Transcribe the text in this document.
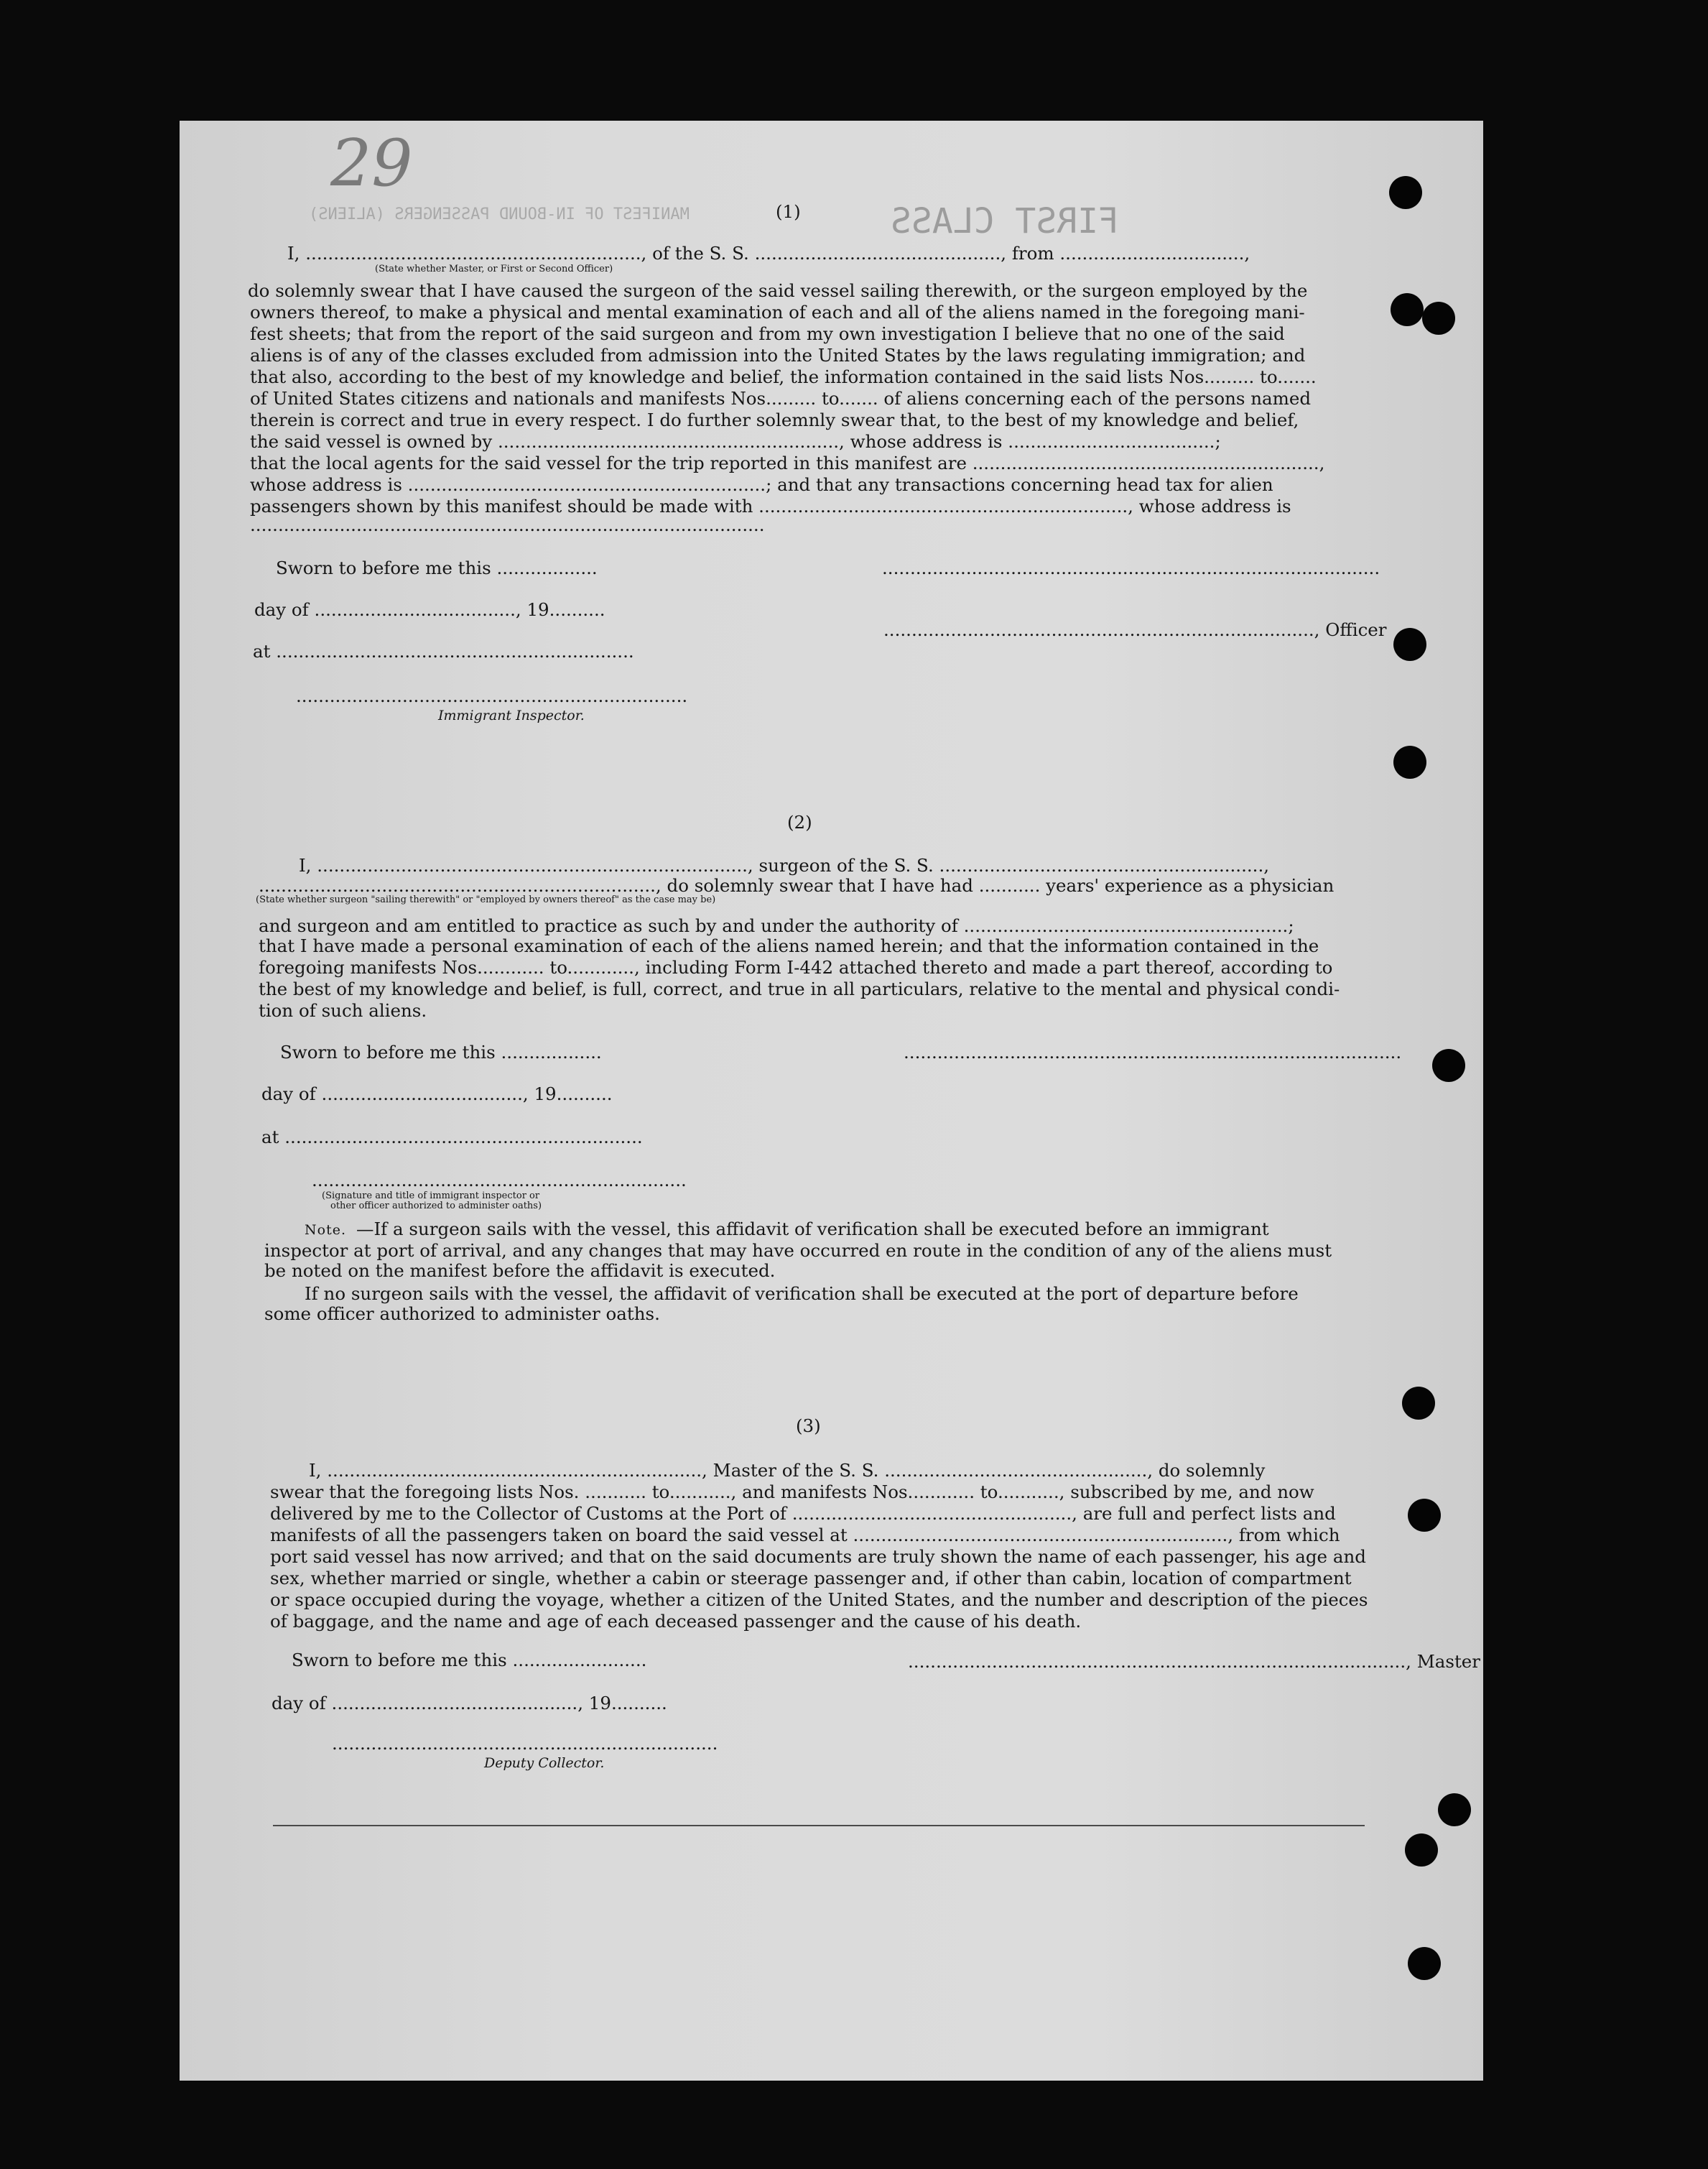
29
MANIFEST OF IN-BOUND PASSENGERS (ALIENS)	FIRST CLASS
(1)
I, ............................................................, of the S. S. ............................................, from .................................,
(State whether Master, or First or Second Officer)
do solemnly swear that I have caused the surgeon of the said vessel sailing therewith, or the surgeon employed by the
owners thereof, to make a physical and mental examination of each and all of the aliens named in the foregoing mani-
fest sheets; that from the report of the said surgeon and from my own investigation I believe that no one of the said
aliens is of any of the classes excluded from admission into the United States by the laws regulating immigration; and
that also, according to the best of my knowledge and belief, the information contained in the said lists Nos......... to.......
of United States citizens and nationals and manifests Nos......... to....... of aliens concerning each of the persons named
therein is correct and true in every respect. I do further solemnly swear that, to the best of my knowledge and belief,
the said vessel is owned by ............................................................., whose address is .....................................;
that the local agents for the said vessel for the trip reported in this manifest are ..............................................................,
whose address is ................................................................; and that any transactions concerning head tax for alien
passengers shown by this manifest should be made with .................................................................., whose address is
............................................................................................
Sworn to before me this ..................	.........................................................................................
day of ...................................., 19..........
............................................................................., Officer
at ................................................................
......................................................................
Immigrant Inspector.
(2)
I, ............................................................................., surgeon of the S. S. ..........................................................,
......................................................................., do solemnly swear that I have had ........... years' experience as a physician
(State whether surgeon "sailing therewith" or "employed by owners thereof" as the case may be)
and surgeon and am entitled to practice as such by and under the authority of ..........................................................;
that I have made a personal examination of each of the aliens named herein; and that the information contained in the
foregoing manifests Nos............ to............, including Form I-442 attached thereto and made a part thereof, according to
the best of my knowledge and belief, is full, correct, and true in all particulars, relative to the mental and physical condi-
tion of such aliens.
Sworn to before me this ..................	.........................................................................................
day of ...................................., 19..........
at ................................................................
...................................................................
(Signature and title of immigrant inspector or
other officer authorized to administer oaths)
Note. —If a surgeon sails with the vessel, this affidavit of verification shall be executed before an immigrant
inspector at port of arrival, and any changes that may have occurred en route in the condition of any of the aliens must
be noted on the manifest before the affidavit is executed.
If no surgeon sails with the vessel, the affidavit of verification shall be executed at the port of departure before
some officer authorized to administer oaths.
(3)
I, ..................................................................., Master of the S. S. ..............................................., do solemnly
swear that the foregoing lists Nos. ........... to..........., and manifests Nos............ to..........., subscribed by me, and now
delivered by me to the Collector of Customs at the Port of .................................................., are full and perfect lists and
manifests of all the passengers taken on board the said vessel at ..................................................................., from which
port said vessel has now arrived; and that on the said documents are truly shown the name of each passenger, his age and
sex, whether married or single, whether a cabin or steerage passenger and, if other than cabin, location of compartment
or space occupied during the voyage, whether a citizen of the United States, and the number and description of the pieces
of baggage, and the name and age of each deceased passenger and the cause of his death.
Sworn to before me this ........................	........................................................................................., Master
day of ............................................, 19..........
.....................................................................
Deputy Collector.
